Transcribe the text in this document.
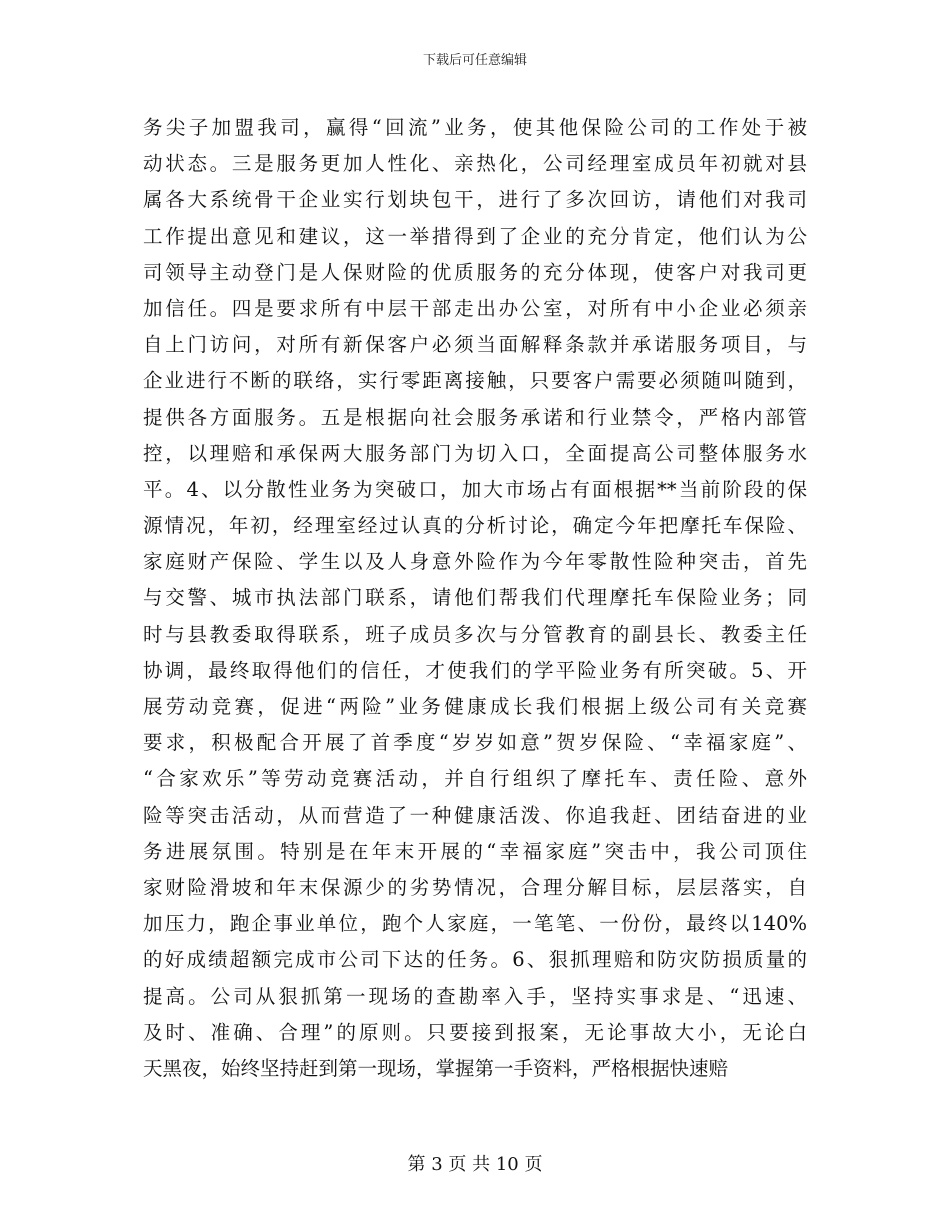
下载后可任意编辑
务尖子加盟我司，赢得“回流”业务，使其他保险公司的工作处于被
动状态。三是服务更加人性化、亲热化，公司经理室成员年初就对县
属各大系统骨干企业实行划块包干，进行了多次回访，请他们对我司
工作提出意见和建议，这一举措得到了企业的充分肯定，他们认为公
司领导主动登门是人保财险的优质服务的充分体现，使客户对我司更
加信任。四是要求所有中层干部走出办公室，对所有中小企业必须亲
自上门访问，对所有新保客户必须当面解释条款并承诺服务项目，与
企业进行不断的联络，实行零距离接触，只要客户需要必须随叫随到，
提供各方面服务。五是根据向社会服务承诺和行业禁令，严格内部管
控，以理赔和承保两大服务部门为切入口，全面提高公司整体服务水
平。4、以分散性业务为突破口，加大市场占有面根据**当前阶段的保
源情况，年初，经理室经过认真的分析讨论，确定今年把摩托车保险、
家庭财产保险、学生以及人身意外险作为今年零散性险种突击，首先
与交警、城市执法部门联系，请他们帮我们代理摩托车保险业务；同
时与县教委取得联系，班子成员多次与分管教育的副县长、教委主任
协调，最终取得他们的信任，才使我们的学平险业务有所突破。5、开
展劳动竞赛，促进“两险”业务健康成长我们根据上级公司有关竞赛
要求，积极配合开展了首季度“岁岁如意”贺岁保险、“幸福家庭”、
“合家欢乐”等劳动竞赛活动，并自行组织了摩托车、责任险、意外
险等突击活动，从而营造了一种健康活泼、你追我赶、团结奋进的业
务进展氛围。特别是在年末开展的“幸福家庭”突击中，我公司顶住
家财险滑坡和年末保源少的劣势情况，合理分解目标，层层落实，自
加压力，跑企事业单位，跑个人家庭，一笔笔、一份份，最终以140%
的好成绩超额完成市公司下达的任务。6、狠抓理赔和防灾防损质量的
提高。公司从狠抓第一现场的查勘率入手，坚持实事求是、“迅速、
及时、准确、合理”的原则。只要接到报案，无论事故大小，无论白
天黑夜，始终坚持赶到第一现场，掌握第一手资料，严格根据快速赔
第 3 页 共 10 页
